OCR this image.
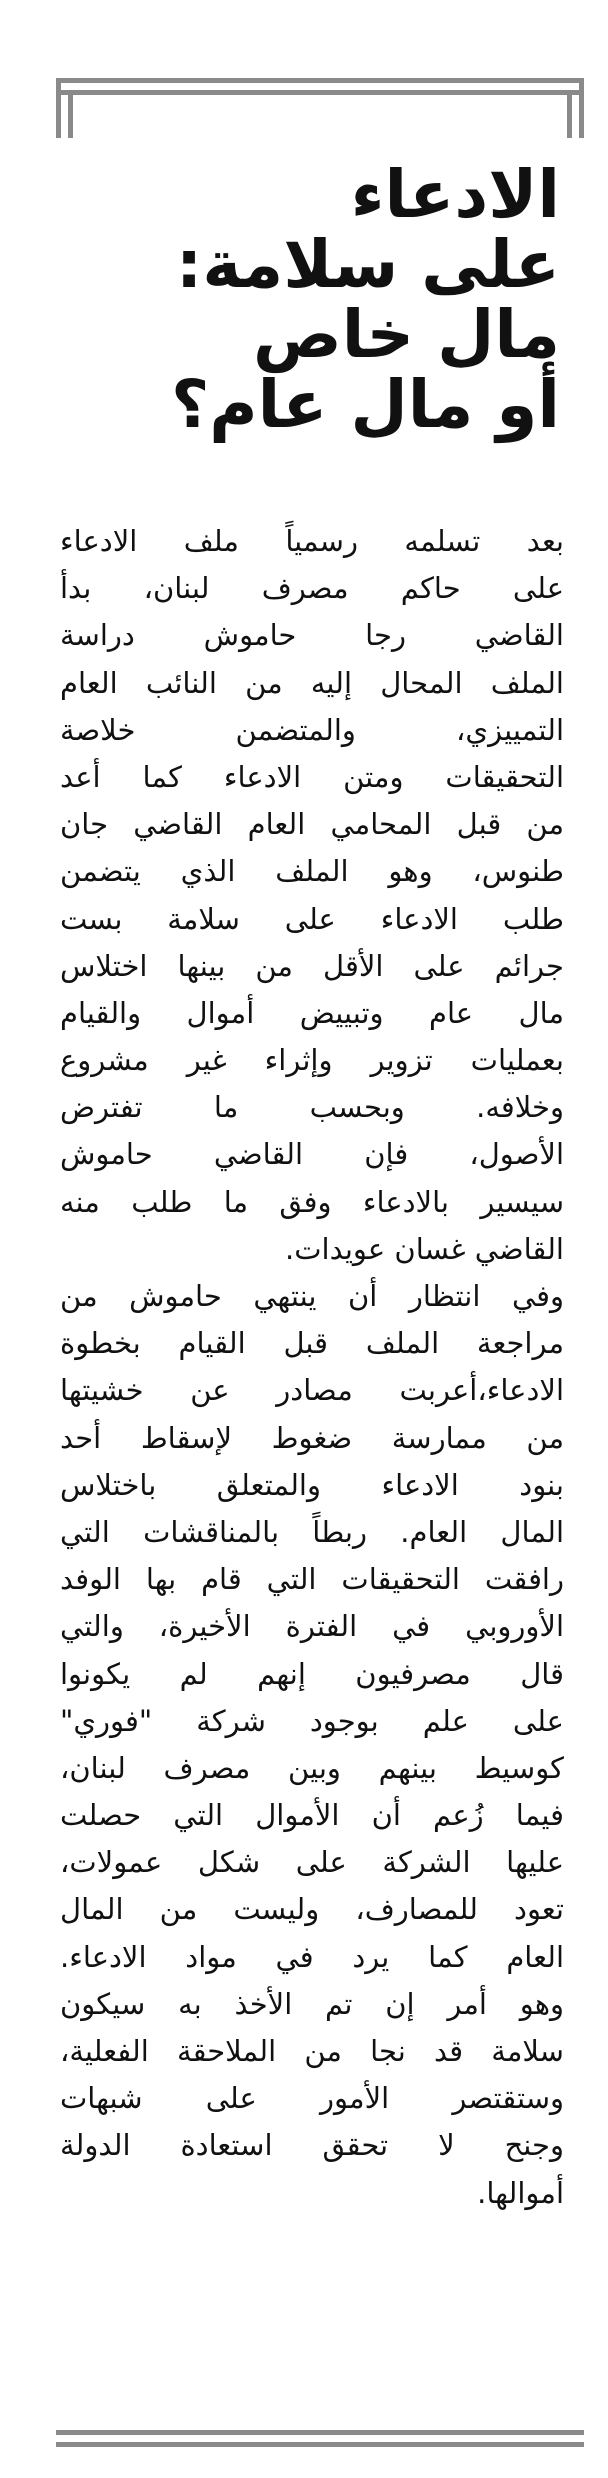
الادعاء
على سلامة:
مال خاص
أو مال عام؟
بعد تسلمه رسمياً ملف الادعاء
على حاكم مصرف لبنان، بدأ
القاضي رجا حاموش دراسة
الملف المحال إليه من النائب العام
التمييزي، والمتضمن خلاصة
التحقيقات ومتن الادعاء كما أعد
من قبل المحامي العام القاضي جان
طنوس، وهو الملف الذي يتضمن
طلب الادعاء على سلامة بست
جرائم على الأقل من بينها اختلاس
مال عام وتبييض أموال والقيام
بعمليات تزوير وإثراء غير مشروع
وخلافه. وبحسب ما تفترض
الأصول، فإن القاضي حاموش
سيسير بالادعاء وفق ما طلب منه
القاضي غسان عويدات.
وفي انتظار أن ينتهي حاموش من
مراجعة الملف قبل القيام بخطوة
الادعاء،أعربت مصادر عن خشيتها
من ممارسة ضغوط لإسقاط أحد
بنود الادعاء والمتعلق باختلاس
المال العام. ربطاً بالمناقشات التي
رافقت التحقيقات التي قام بها الوفد
الأوروبي في الفترة الأخيرة، والتي
قال مصرفيون إنهم لم يكونوا
على علم بوجود شركة "فوري"
كوسيط بينهم وبين مصرف لبنان،
فيما زُعم أن الأموال التي حصلت
عليها الشركة على شكل عمولات،
تعود للمصارف، وليست من المال
العام كما يرد في مواد الادعاء.
وهو أمر إن تم الأخذ به سيكون
سلامة قد نجا من الملاحقة الفعلية،
وستقتصر الأمور على شبهات
وجنح لا تحقق استعادة الدولة
أموالها.
